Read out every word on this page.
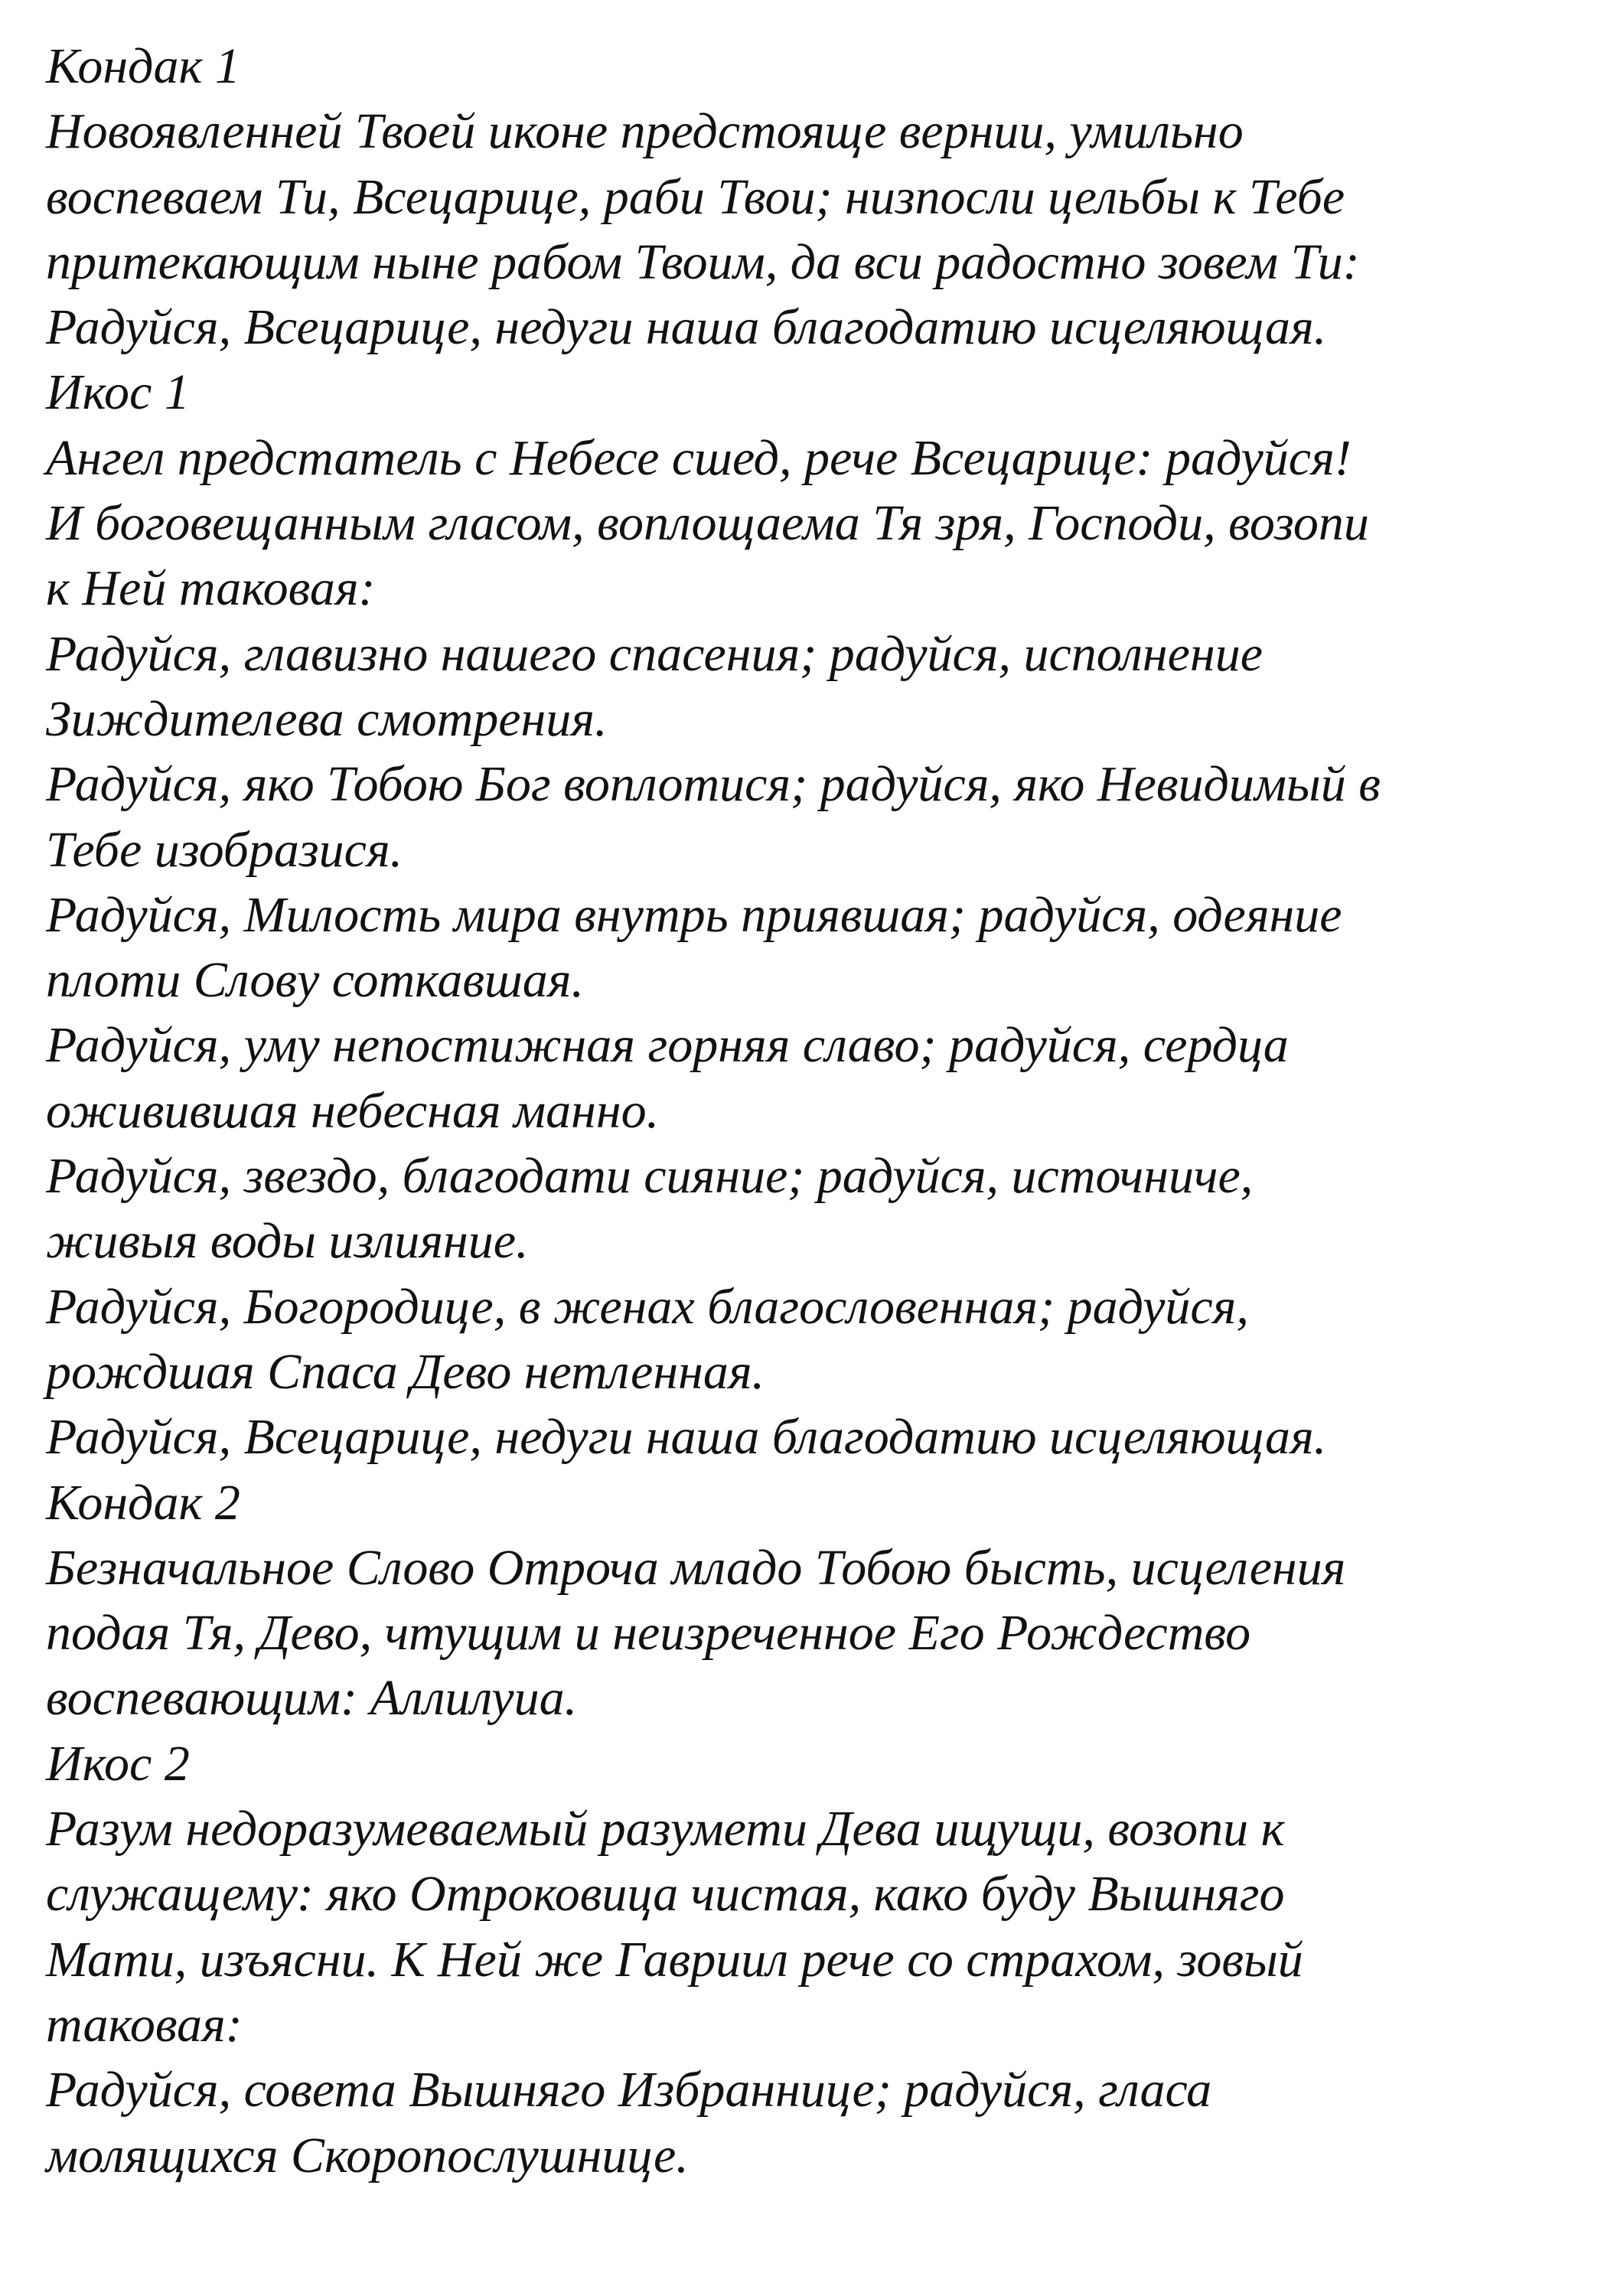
Кондак 1
Новоявленней Твоей иконе предстояще вернии, умильно
воспеваем Ти, Всецарице, раби Твои; низпосли цельбы к Тебе
притекающим ныне рабом Твоим, да вси радостно зовем Ти:
Радуйся, Всецарице, недуги наша благодатию исцеляющая.
Икос 1
Ангел предстатель с Небесе сшед, рече Всецарице: радуйся!
И боговещанным гласом, воплощаема Тя зря, Господи, возопи
к Ней таковая:
Радуйся, главизно нашего спасения; радуйся, исполнение
Зиждителева смотрения.
Радуйся, яко Тобою Бог воплотися; радуйся, яко Невидимый в
Тебе изобразися.
Радуйся, Милость мира внутрь приявшая; радуйся, одеяние
плоти Слову соткавшая.
Радуйся, уму непостижная горняя славо; радуйся, сердца
оживившая небесная манно.
Радуйся, звездо, благодати сияние; радуйся, источниче,
живыя воды излияние.
Радуйся, Богородице, в женах благословенная; радуйся,
рождшая Спаса Дево нетленная.
Радуйся, Всецарице, недуги наша благодатию исцеляющая.
Кондак 2
Безначальное Слово Отроча младо Тобою бысть, исцеления
подая Тя, Дево, чтущим и неизреченное Его Рождество
воспевающим: Аллилуиа.
Икос 2
Разум недоразумеваемый разумети Дева ищущи, возопи к
служащему: яко Отроковица чистая, како буду Вышняго
Мати, изъясни. К Ней же Гавриил рече со страхом, зовый
таковая:
Радуйся, совета Вышняго Избраннице; радуйся, гласа
молящихся Скоропослушнице.
